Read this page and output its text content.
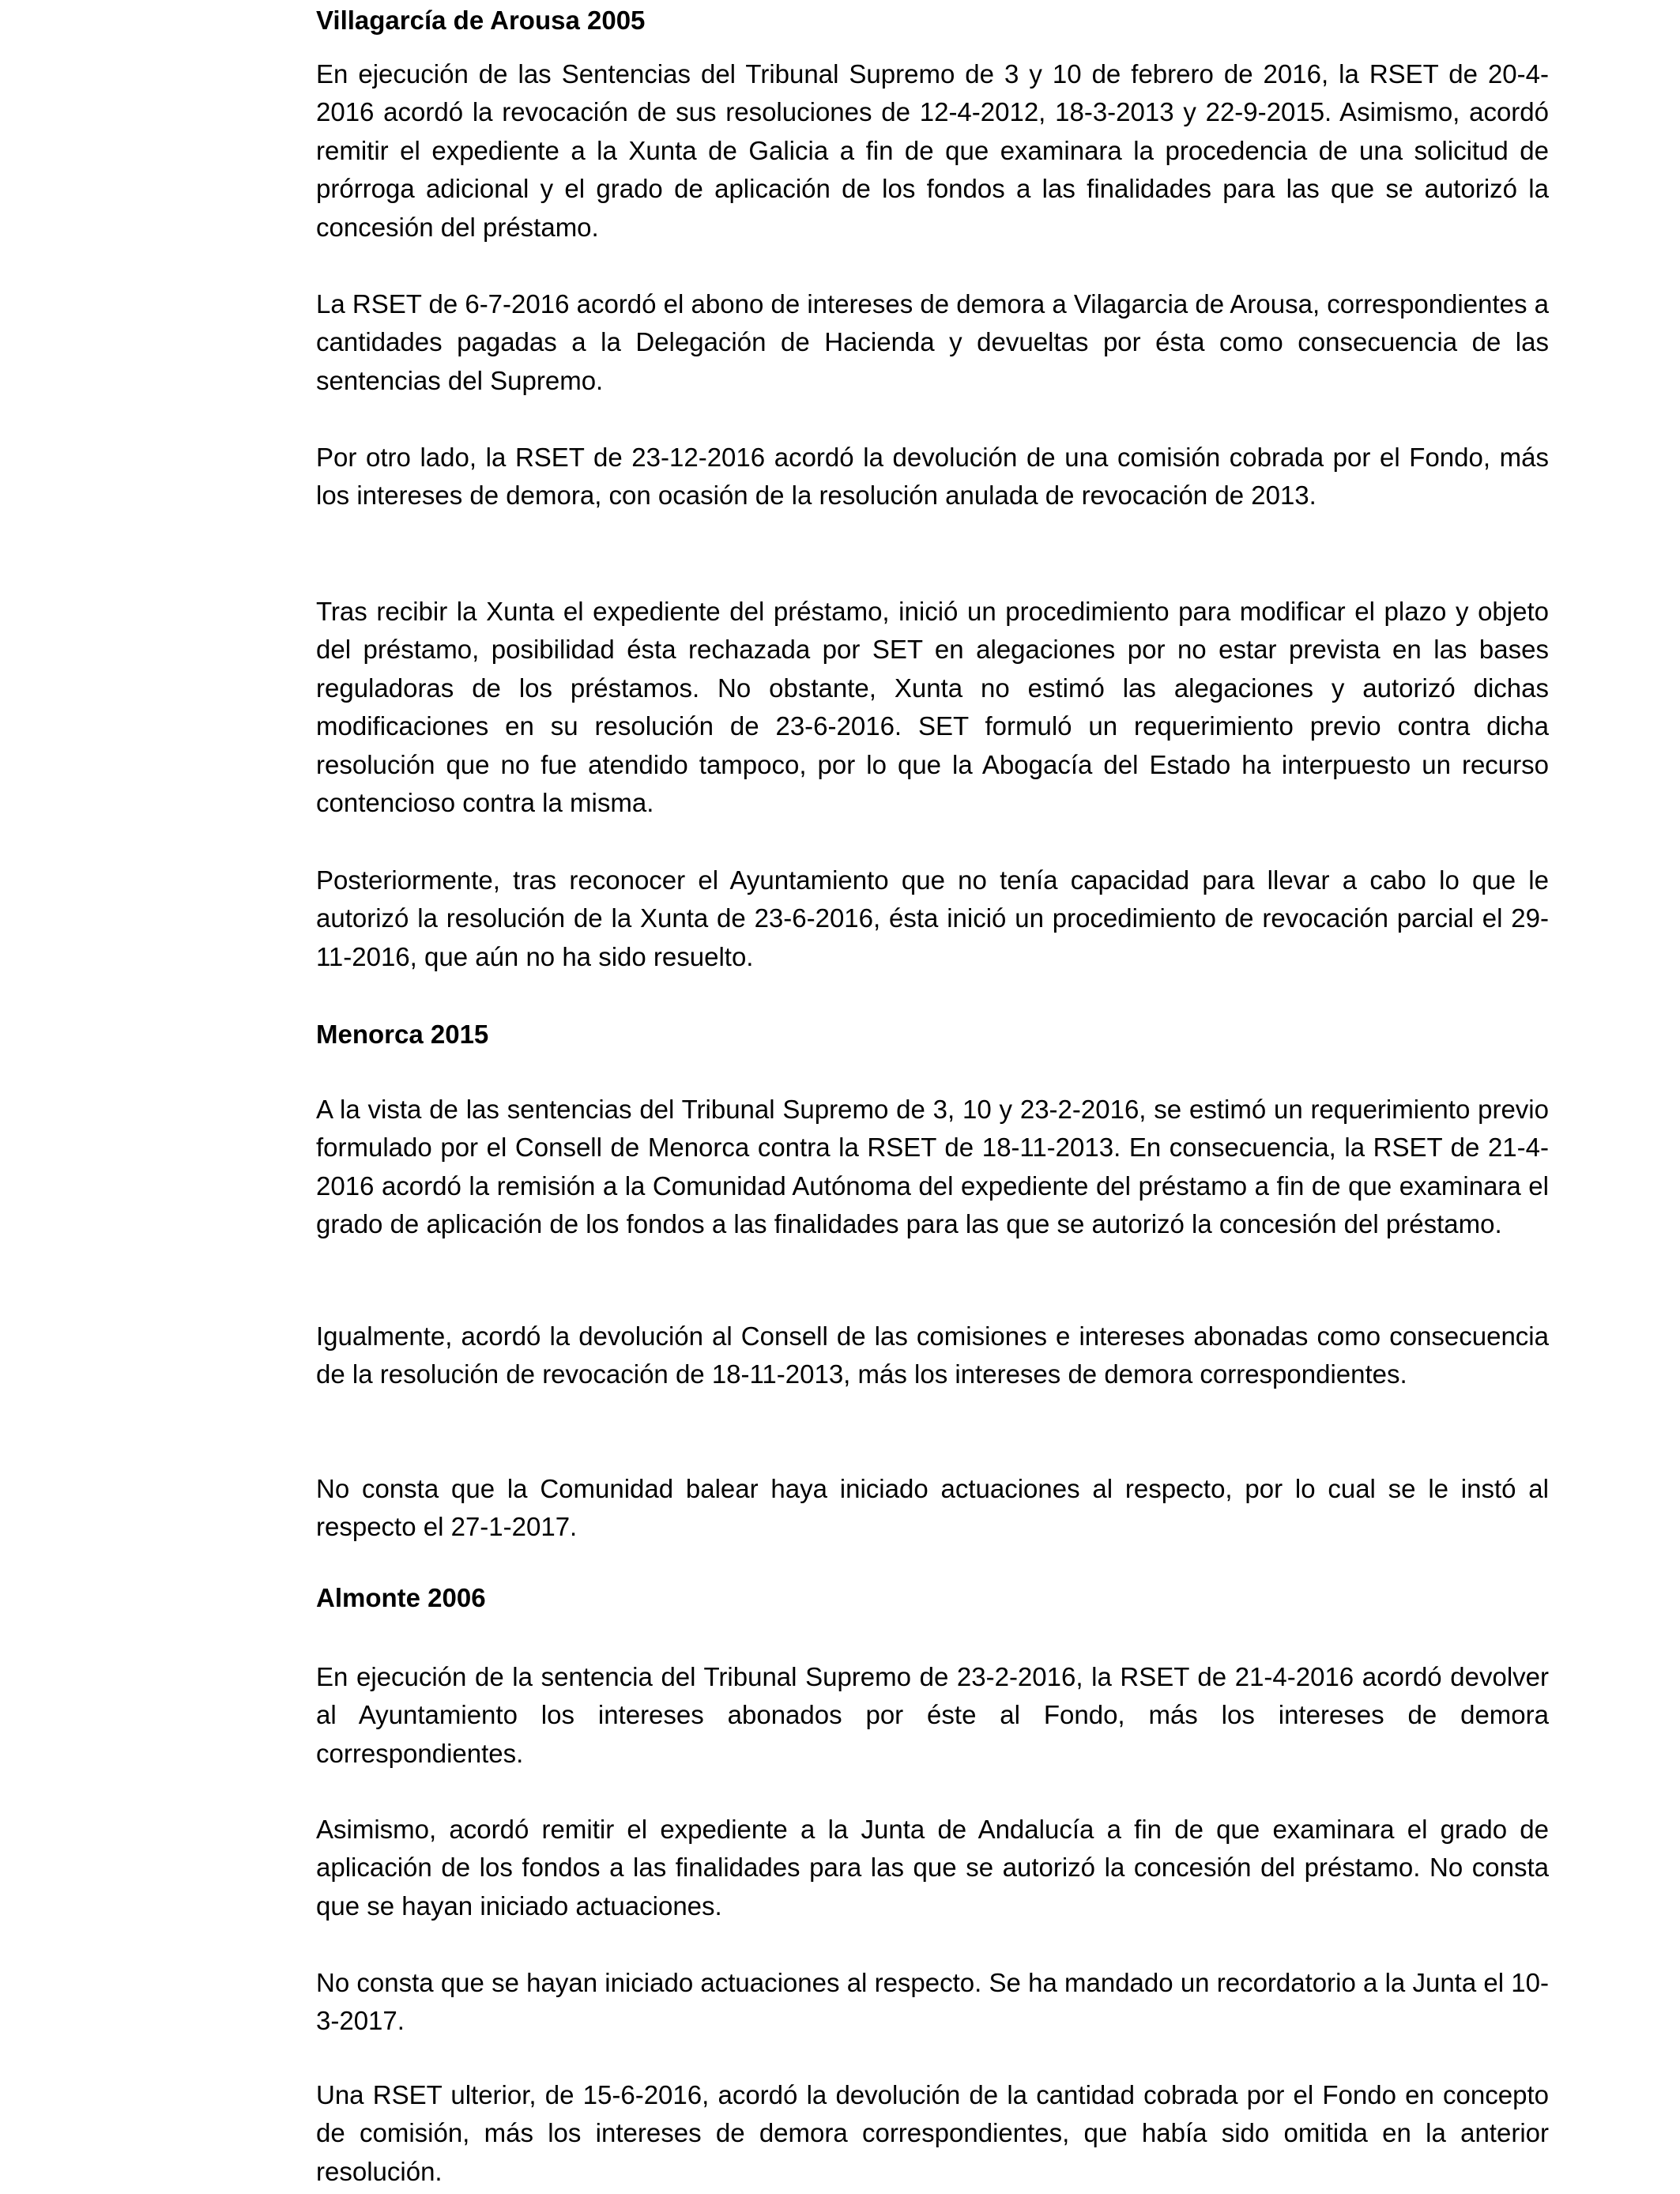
Villagarcía de Arousa 2005

En ejecución de las Sentencias del Tribunal Supremo de 3 y 10 de febrero de 2016, la RSET de 20-4-2016 acordó la revocación de sus resoluciones de 12-4-2012, 18-3-2013 y 22-9-2015. Asimismo, acordó remitir el expediente a la Xunta de Galicia a fin de que examinara la procedencia de una solicitud de prórroga adicional y el grado de aplicación de los fondos a las finalidades para las que se autorizó la concesión del préstamo.

La RSET de 6-7-2016 acordó el abono de intereses de demora a Vilagarcia de Arousa, correspondientes a cantidades pagadas a la Delegación de Hacienda y devueltas por ésta como consecuencia de las sentencias del Supremo.

Por otro lado, la RSET de 23-12-2016 acordó la devolución de una comisión cobrada por el Fondo, más los intereses de demora, con ocasión de la resolución anulada de revocación de 2013.

Tras recibir la Xunta el expediente del préstamo, inició un procedimiento para modificar el plazo y objeto del préstamo, posibilidad ésta rechazada por SET en alegaciones por no estar prevista en las bases reguladoras de los préstamos. No obstante, Xunta no estimó las alegaciones y autorizó dichas modificaciones en su resolución de 23-6-2016. SET formuló un requerimiento previo contra dicha resolución que no fue atendido tampoco, por lo que la Abogacía del Estado ha interpuesto un recurso contencioso contra la misma.

Posteriormente, tras reconocer el Ayuntamiento que no tenía capacidad para llevar a cabo lo que le autorizó la resolución de la Xunta de 23-6-2016, ésta inició un procedimiento de revocación parcial el 29-11-2016, que aún no ha sido resuelto.

Menorca 2015

A la vista de las sentencias del Tribunal Supremo de 3, 10 y 23-2-2016, se estimó un requerimiento previo formulado por el Consell de Menorca contra la RSET de 18-11-2013. En consecuencia, la RSET de 21-4-2016 acordó la remisión a la Comunidad Autónoma del expediente del préstamo a fin de que examinara el grado de aplicación de los fondos a las finalidades para las que se autorizó la concesión del préstamo.

Igualmente, acordó la devolución al Consell de las comisiones e intereses abonadas como consecuencia de la resolución de revocación de 18-11-2013, más los intereses de demora correspondientes.

No consta que la Comunidad balear haya iniciado actuaciones al respecto, por lo cual se le instó al respecto el 27-1-2017.

Almonte 2006

En ejecución de la sentencia del Tribunal Supremo de 23-2-2016, la RSET de 21-4-2016 acordó devolver al Ayuntamiento los intereses abonados por éste al Fondo, más los intereses de demora correspondientes.

Asimismo, acordó remitir el expediente a la Junta de Andalucía a fin de que examinara el grado de aplicación de los fondos a las finalidades para las que se autorizó la concesión del préstamo. No consta que se hayan iniciado actuaciones.

No consta que se hayan iniciado actuaciones al respecto. Se ha mandado un recordatorio a la Junta el 10-3-2017.

Una RSET ulterior, de 15-6-2016, acordó la devolución de la cantidad cobrada por el Fondo en concepto de comisión, más los intereses de demora correspondientes, que había sido omitida en la anterior resolución.
